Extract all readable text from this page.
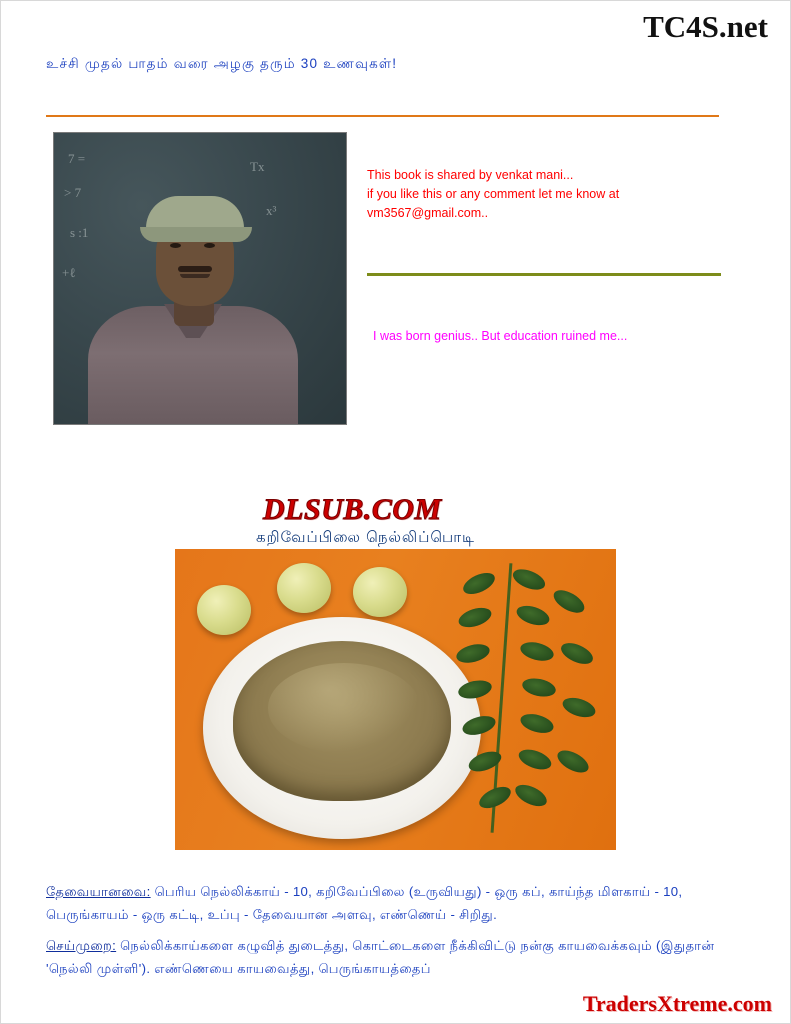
TC4S.net
உச்சி முதல் பாதம் வரை அழகு தரும் 30 உணவுகள்!
7 =
> 7
s :1
+ℓ
Tx
x³
This book is shared by venkat mani...
if you like this or any comment let me know at
vm3567@gmail.com..
I was born genius.. But education ruined me...
DLSUB.COM
கறிவேப்பிலை நெல்லிப்பொடி
தேவையானவை: பெரிய நெல்லிக்காய் - 10, கறிவேப்பிலை (உருவியது) - ஒரு கப், காய்ந்த மிளகாய் - 10, பெருங்காயம் - ஒரு கட்டி, உப்பு - தேவையான அளவு, எண்ணெய் - சிறிது.
செய்முறை: நெல்லிக்காய்களை கழுவித் துடைத்து, கொட்டைகளை நீக்கிவிட்டு நன்கு காயவைக்கவும் (இதுதான் 'நெல்லி முள்ளி'). எண்ணெயை காயவைத்து, பெருங்காயத்தைப்
TradersXtreme.com
